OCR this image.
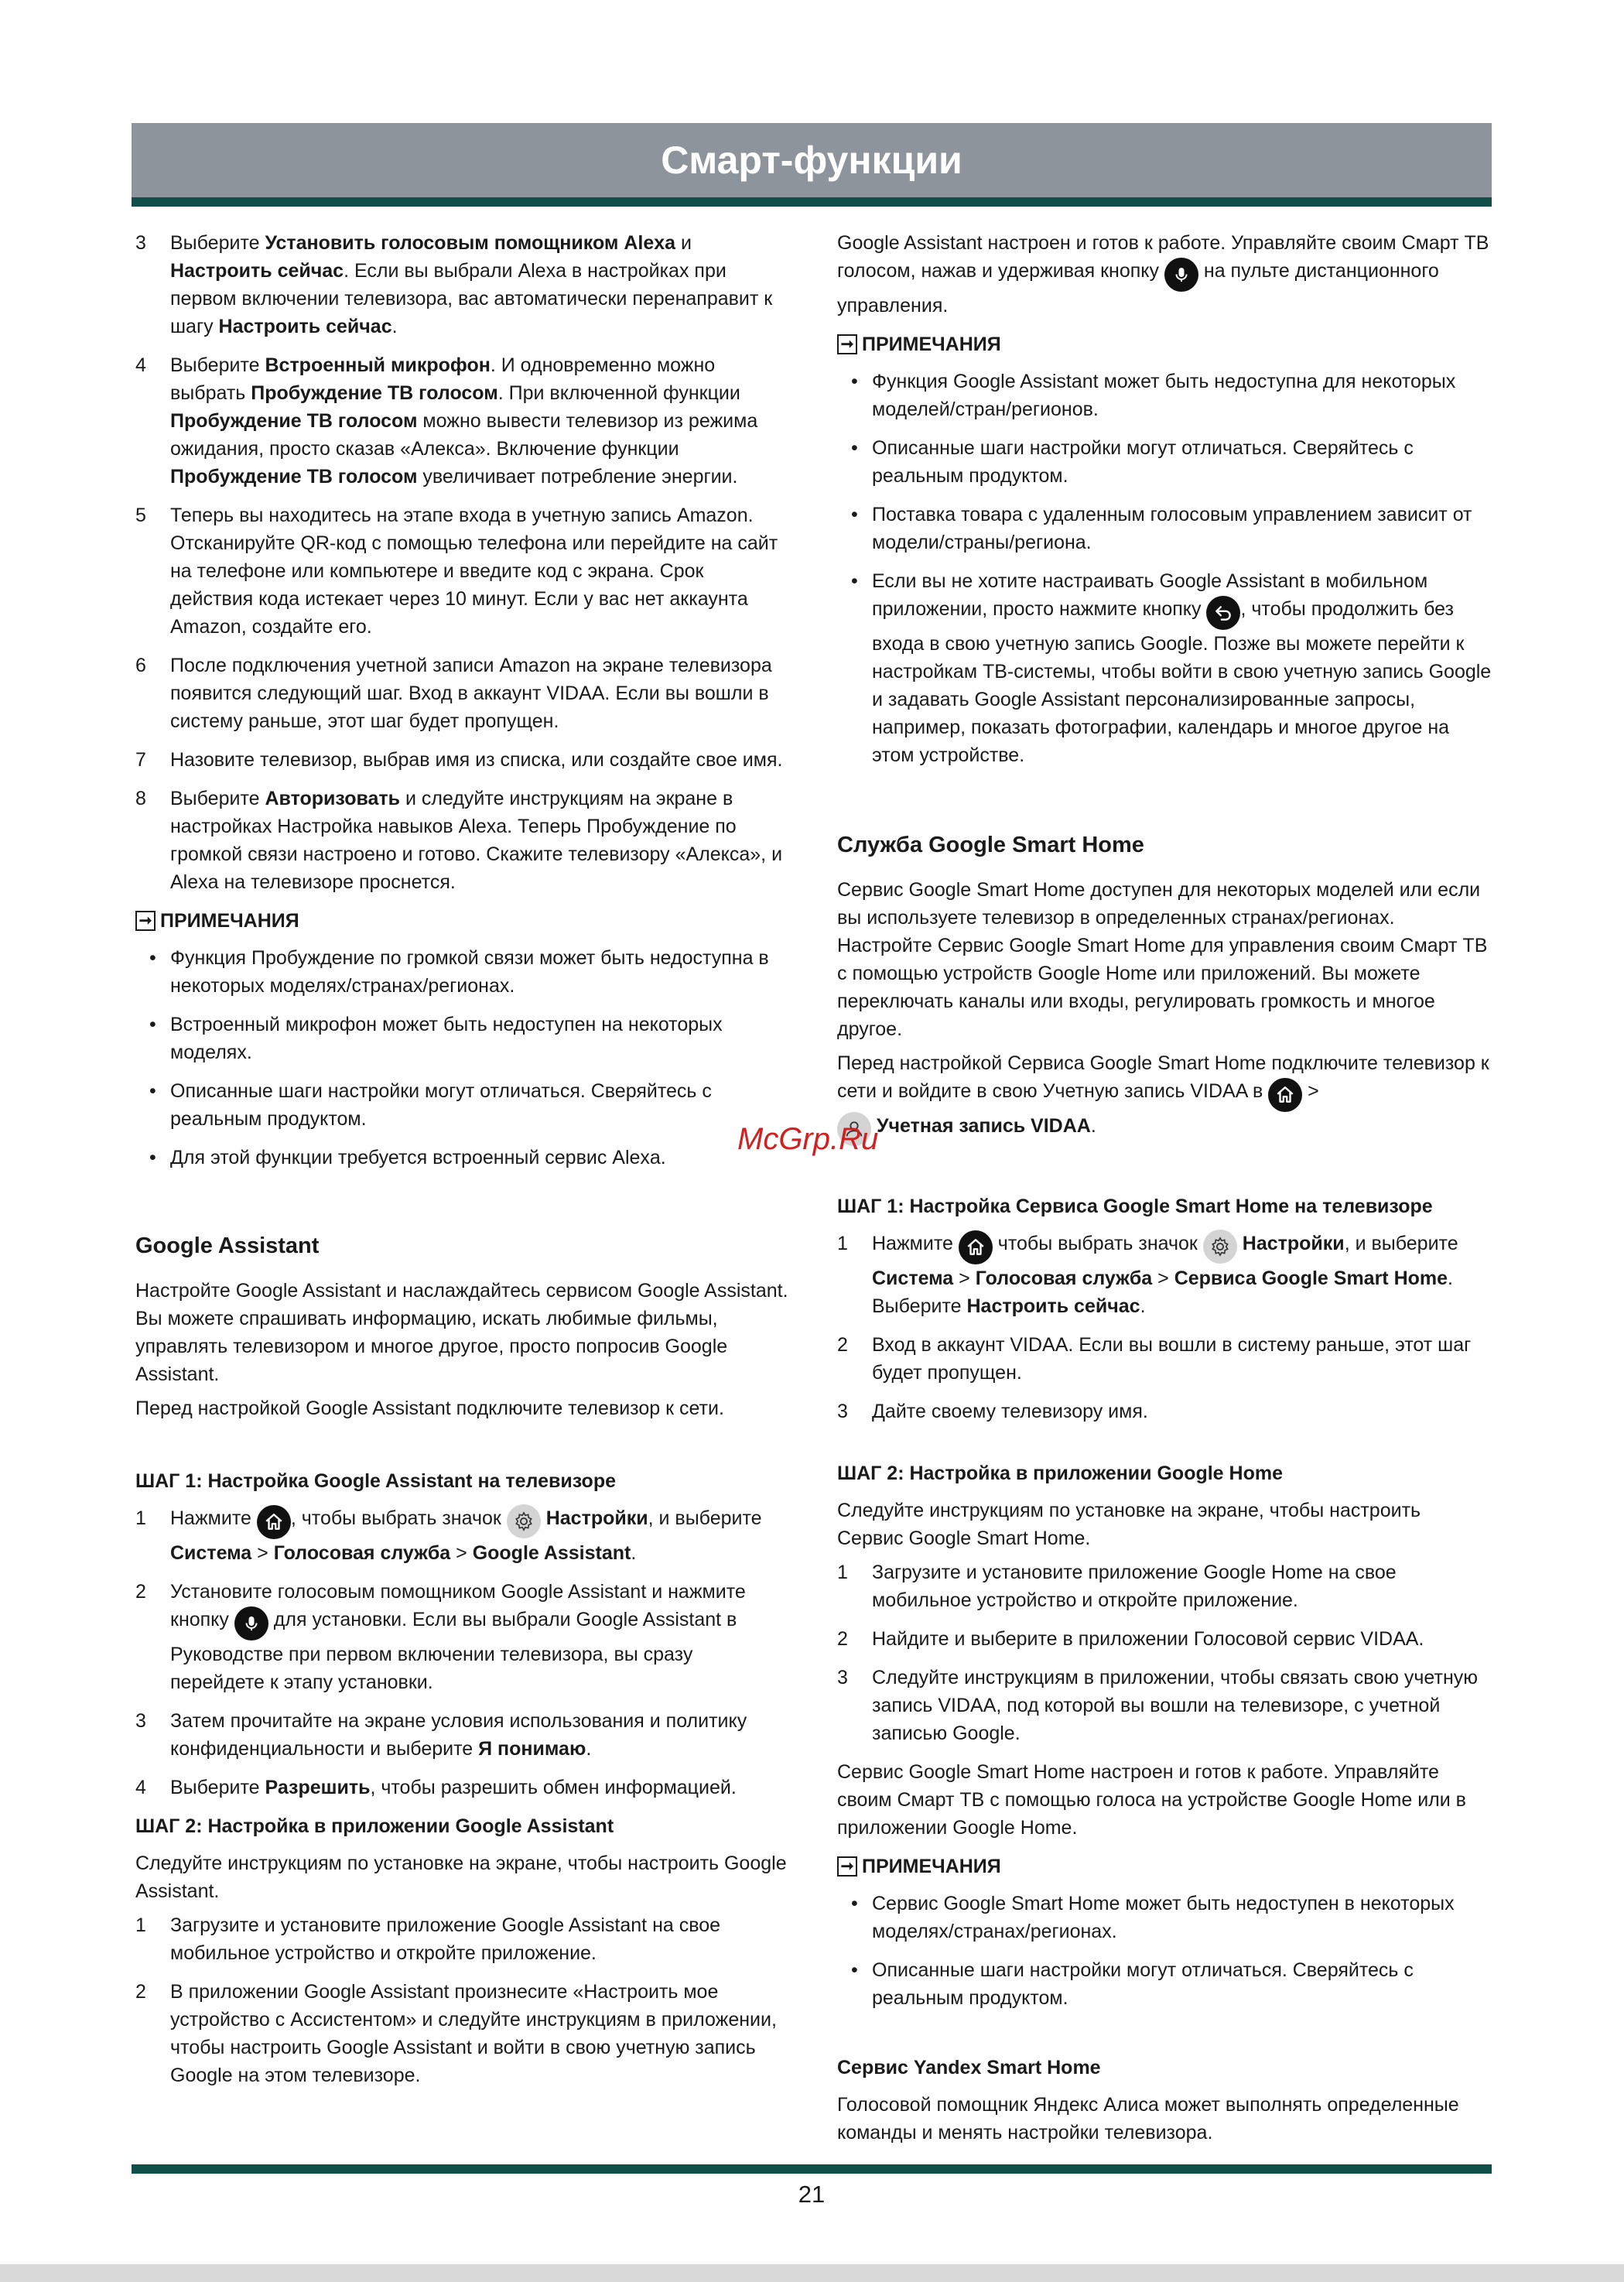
Смарт-функции
3	Выберите Установить голосовым помощником Alexa и Настроить сейчас. Если вы выбрали Alexa в настройках при первом включении телевизора, вас автоматически перенаправит к шагу Настроить сейчас.
4	Выберите Встроенный микрофон. И одновременно можно выбрать Пробуждение ТВ голосом. При включенной функции Пробуждение ТВ голосом можно вывести телевизор из режима ожидания, просто сказав «Алекса». Включение функции Пробуждение ТВ голосом увеличивает потребление энергии.
5	Теперь вы находитесь на этапе входа в учетную запись Amazon. Отсканируйте QR-код с помощью телефона или перейдите на сайт на телефоне или компьютере и введите код с экрана. Срок действия кода истекает через 10 минут. Если у вас нет аккаунта Amazon, создайте его.
6	После подключения учетной записи Amazon на экране телевизора появится следующий шаг. Вход в аккаунт VIDAA. Если вы вошли в систему раньше, этот шаг будет пропущен.
7	Назовите телевизор, выбрав имя из списка, или создайте свое имя.
8	Выберите Авторизовать и следуйте инструкциям на экране в настройках Настройка навыков Alexa. Теперь Пробуждение по громкой связи настроено и готово. Скажите телевизору «Алекса», и Alexa на телевизоре проснется.
➞ ПРИМЕЧАНИЯ
• Функция Пробуждение по громкой связи может быть недоступна в некоторых моделях/странах/регионах.
• Встроенный микрофон может быть недоступен на некоторых моделях.
• Описанные шаги настройки могут отличаться. Сверяйтесь с реальным продуктом.
• Для этой функции требуется встроенный сервис Alexa.
Google Assistant
Настройте Google Assistant и наслаждайтесь сервисом Google Assistant. Вы можете спрашивать информацию, искать любимые фильмы, управлять телевизором и многое другое, просто попросив Google Assistant.
Перед настройкой Google Assistant подключите телевизор к сети.
ШАГ 1: Настройка Google Assistant на телевизоре
1	Нажмите
, чтобы выбрать значок
Настройки, и выберите Система > Голосовая служба > Google Assistant.
2	Установите голосовым помощником Google Assistant и нажмите кнопку
для установки. Если вы выбрали Google Assistant в Руководстве при первом включении телевизора, вы сразу перейдете к этапу установки.
3	Затем прочитайте на экране условия использования и политику конфиденциальности и выберите Я понимаю.
4	Выберите Разрешить, чтобы разрешить обмен информацией.
ШАГ 2: Настройка в приложении Google Assistant
Следуйте инструкциям по установке на экране, чтобы настроить Google Assistant.
1	Загрузите и установите приложение Google Assistant на свое мобильное устройство и откройте приложение.
2	В приложении Google Assistant произнесите «Настроить мое устройство с Ассистентом» и следуйте инструкциям в приложении, чтобы настроить Google Assistant и войти в свою учетную запись Google на этом телевизоре.
Google Assistant настроен и готов к работе. Управляйте своим Смарт ТВ голосом, нажав и удерживая кнопку
на пульте дистанционного управления.
➞ ПРИМЕЧАНИЯ
• Функция Google Assistant может быть недоступна для некоторых моделей/стран/регионов.
• Описанные шаги настройки могут отличаться. Сверяйтесь с реальным продуктом.
• Поставка товара с удаленным голосовым управлением зависит от модели/страны/региона.
• Если вы не хотите настраивать Google Assistant в мобильном приложении, просто нажмите кнопку
, чтобы продолжить без входа в свою учетную запись Google. Позже вы можете перейти к настройкам ТВ-системы, чтобы войти в свою учетную запись Google и задавать Google Assistant персонализированные запросы, например, показать фотографии, календарь и многое другое на этом устройстве.
Служба Google Smart Home
Сервис Google Smart Home доступен для некоторых моделей или если вы используете телевизор в определенных странах/регионах. Настройте Сервис Google Smart Home для управления своим Смарт ТВ с помощью устройств Google Home или приложений. Вы можете переключать каналы или входы, регулировать громкость и многое другое.
Перед настройкой Сервиса Google Smart Home подключите телевизор к сети и войдите в свою Учетную запись VIDAA в
>

Учетная запись VIDAA.
ШАГ 1: Настройка Сервиса Google Smart Home на телевизоре
1	Нажмите
чтобы выбрать значок
Настройки, и выберите Система > Голосовая служба > Сервиса Google Smart Home. Выберите Настроить сейчас.
2	Вход в аккаунт VIDAA. Если вы вошли в систему раньше, этот шаг будет пропущен.
3	Дайте своему телевизору имя.
ШАГ 2: Настройка в приложении Google Home
Следуйте инструкциям по установке на экране, чтобы настроить Сервис Google Smart Home.
1	Загрузите и установите приложение Google Home на свое мобильное устройство и откройте приложение.
2	Найдите и выберите в приложении Голосовой сервис VIDAA.
3	Следуйте инструкциям в приложении, чтобы связать свою учетную запись VIDAA, под которой вы вошли на телевизоре, с учетной записью Google.
Сервис Google Smart Home настроен и готов к работе. Управляйте своим Смарт ТВ с помощью голоса на устройстве Google Home или в приложении Google Home.
➞ ПРИМЕЧАНИЯ
• Сервис Google Smart Home может быть недоступен в некоторых моделях/странах/регионах.
• Описанные шаги настройки могут отличаться. Сверяйтесь с реальным продуктом.
Сервис Yandex Smart Home
Голосовой помощник Яндекс Алиса может выполнять определенные команды и менять настройки телевизора.
McGrp.Ru
21
